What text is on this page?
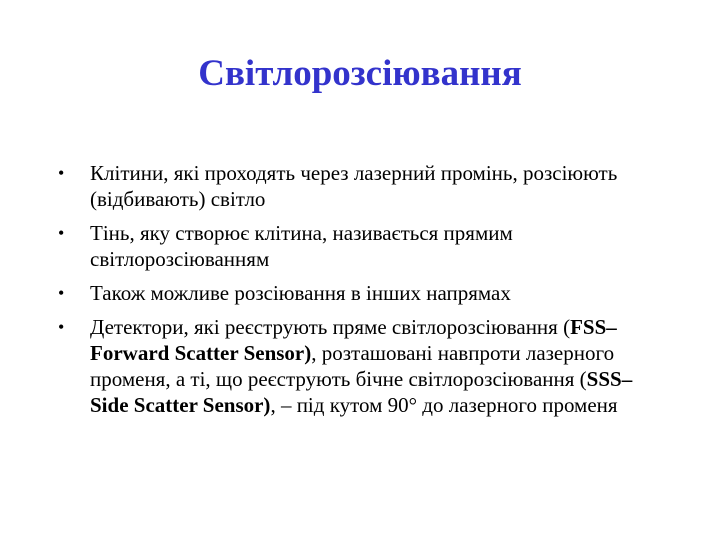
Світлорозсіювання
• Клітини, які проходять через лазерний промінь, розсіюють (відбивають) світло
• Тінь, яку створює клітина, називається прямим світлорозсіюванням
• Також можливе розсіювання в інших напрямах
• Детектори, які реєструють пряме світлорозсіювання (FSS– Forward Scatter Sensor), розташовані навпроти лазерного променя, а ті, що реєструють бічне світлорозсіювання (SSS– Side Scatter Sensor), – під кутом 90° до лазерного променя
